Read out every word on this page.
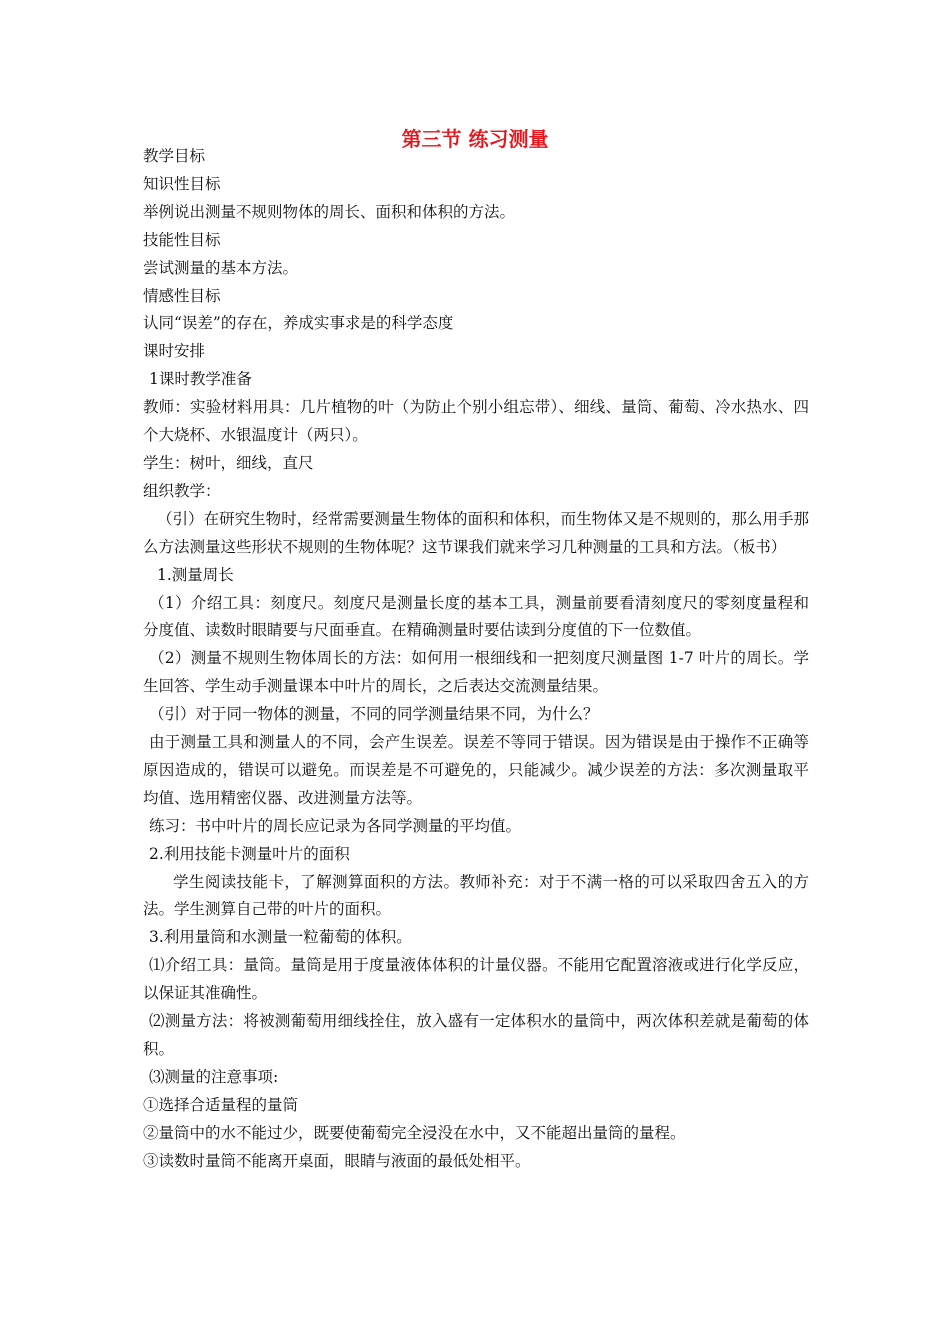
第三节 练习测量

教学目标

知识性目标

举例说出测量不规则物体的周长、面积和体积的方法。

技能性目标

尝试测量的基本方法。

情感性目标

认同“误差”的存在，养成实事求是的科学态度

课时安排

1课时教学准备

教师：实验材料用具：几片植物的叶（为防止个别小组忘带）、细线、量筒、葡萄、冷水热水、四个大烧杯、水银温度计（两只）。

学生：树叶，细线，直尺

组织教学：

（引）在研究生物时，经常需要测量生物体的面积和体积，而生物体又是不规则的，那么用手那么方法测量这些形状不规则的生物体呢？这节课我们就来学习几种测量的工具和方法。（板书）

1.测量周长

（1）介绍工具：刻度尺。刻度尺是测量长度的基本工具，测量前要看清刻度尺的零刻度量程和分度值、读数时眼睛要与尺面垂直。在精确测量时要估读到分度值的下一位数值。

（2）测量不规则生物体周长的方法：如何用一根细线和一把刻度尺测量图 1-7 叶片的周长。学生回答、学生动手测量课本中叶片的周长，之后表达交流测量结果。

（引）对于同一物体的测量，不同的同学测量结果不同，为什么？

由于测量工具和测量人的不同，会产生误差。误差不等同于错误。因为错误是由于操作不正确等原因造成的，错误可以避免。而误差是不可避免的，只能减少。减少误差的方法：多次测量取平均值、选用精密仪器、改进测量方法等。

练习：书中叶片的周长应记录为各同学测量的平均值。

2.利用技能卡测量叶片的面积

学生阅读技能卡，了解测算面积的方法。教师补充：对于不满一格的可以采取四舍五入的方法。学生测算自己带的叶片的面积。

3.利用量筒和水测量一粒葡萄的体积。

⑴介绍工具：量筒。量筒是用于度量液体体积的计量仪器。不能用它配置溶液或进行化学反应，以保证其准确性。

⑵测量方法：将被测葡萄用细线拴住，放入盛有一定体积水的量筒中，两次体积差就是葡萄的体积。

⑶测量的注意事项:

①选择合适量程的量筒

②量筒中的水不能过少，既要使葡萄完全浸没在水中，又不能超出量筒的量程。

③读数时量筒不能离开桌面，眼睛与液面的最低处相平。
